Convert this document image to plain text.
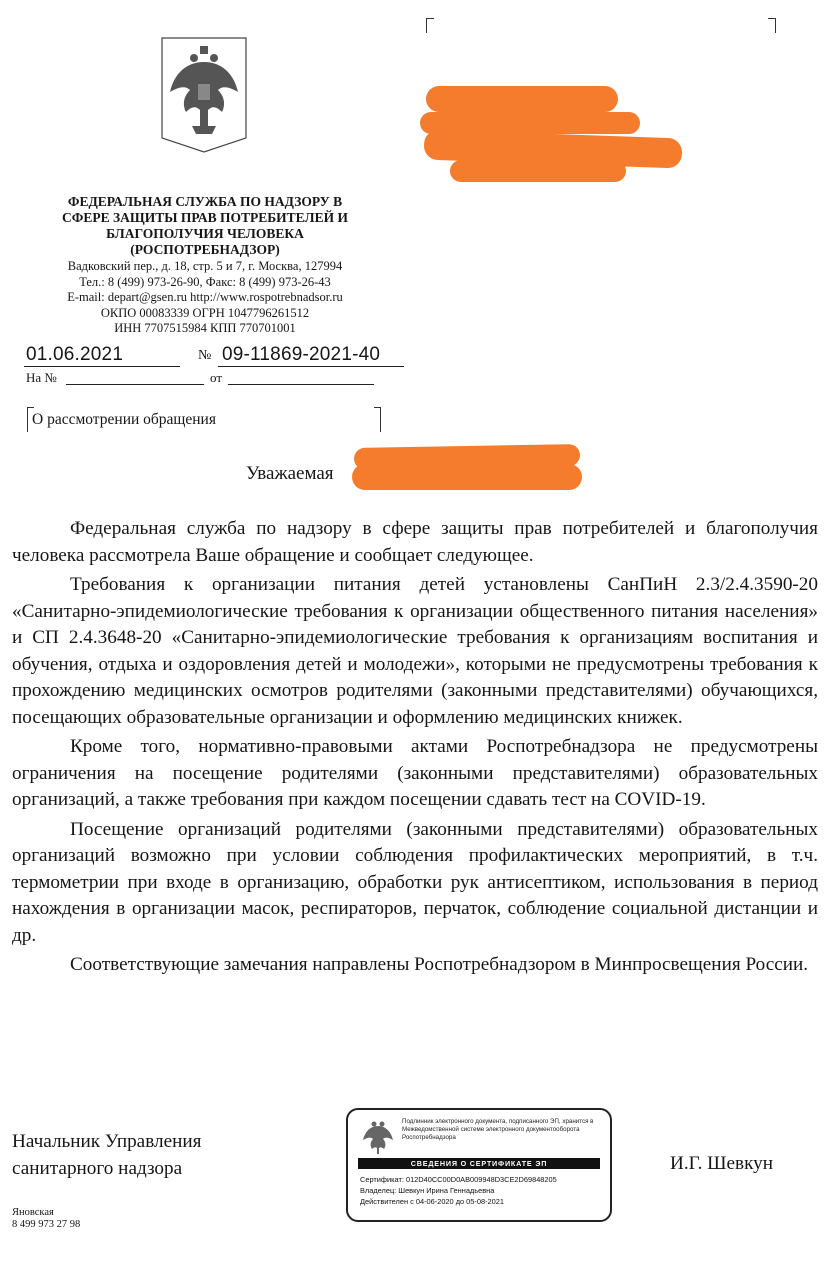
ФЕДЕРАЛЬНАЯ СЛУЖБА ПО НАДЗОРУ В
СФЕРЕ ЗАЩИТЫ ПРАВ ПОТРЕБИТЕЛЕЙ И
БЛАГОПОЛУЧИЯ ЧЕЛОВЕКА
(РОСПОТРЕБНАДЗОР)
Вадковский пер., д. 18, стр. 5 и 7, г. Москва, 127994
Тел.: 8 (499) 973-26-90, Факс: 8 (499) 973-26-43
E-mail: depart@gsen.ru http://www.rospotrebnadsor.ru
ОКПО 00083339 ОГРН 1047796261512
ИНН 7707515984 КПП 770701001
01.06.2021	№ 09-11869-2021-40
На №	от
О рассмотрении обращения
Уважаемая

Федеральная служба по надзору в сфере защиты прав потребителей и благополучия человека рассмотрела Ваше обращение и сообщает следующее.

Требования к организации питания детей установлены СанПиН 2.3/2.4.3590-20 «Санитарно-эпидемиологические требования к организации общественного питания населения» и СП 2.4.3648-20 «Санитарно-эпидемиологические требования к организациям воспитания и обучения, отдыха и оздоровления детей и молодежи», которыми не предусмотрены требования к прохождению медицинских осмотров родителями (законными представителями) обучающихся, посещающих образовательные организации и оформлению медицинских книжек.

Кроме того, нормативно-правовыми актами Роспотребнадзора не предусмотрены ограничения на посещение родителями (законными представителями) образовательных организаций, а также требования при каждом посещении сдавать тест на COVID-19.

Посещение организаций родителями (законными представителями) образовательных организаций возможно при условии соблюдения профилактических мероприятий, в т.ч. термометрии при входе в организацию, обработки рук антисептиком, использования в период нахождения в организации масок, респираторов, перчаток, соблюдение социальной дистанции и др.

Соответствующие замечания направлены Роспотребнадзором в Минпросвещения России.

Начальник Управления
санитарного надзора
Подлинник электронного документа, подписанного ЭП, хранится в Межведомственной системе электронного документооборота Роспотребнадзора
СВЕДЕНИЯ О СЕРТИФИКАТЕ ЭП
Сертификат: 012D40CC00D0AB009948D3CE2D69848205
Владелец: Шевкун Ирина Геннадьевна
Действителен с 04-06-2020 до 05-08-2021
И.Г. Шевкун
Яновская
8 499 973 27 98
